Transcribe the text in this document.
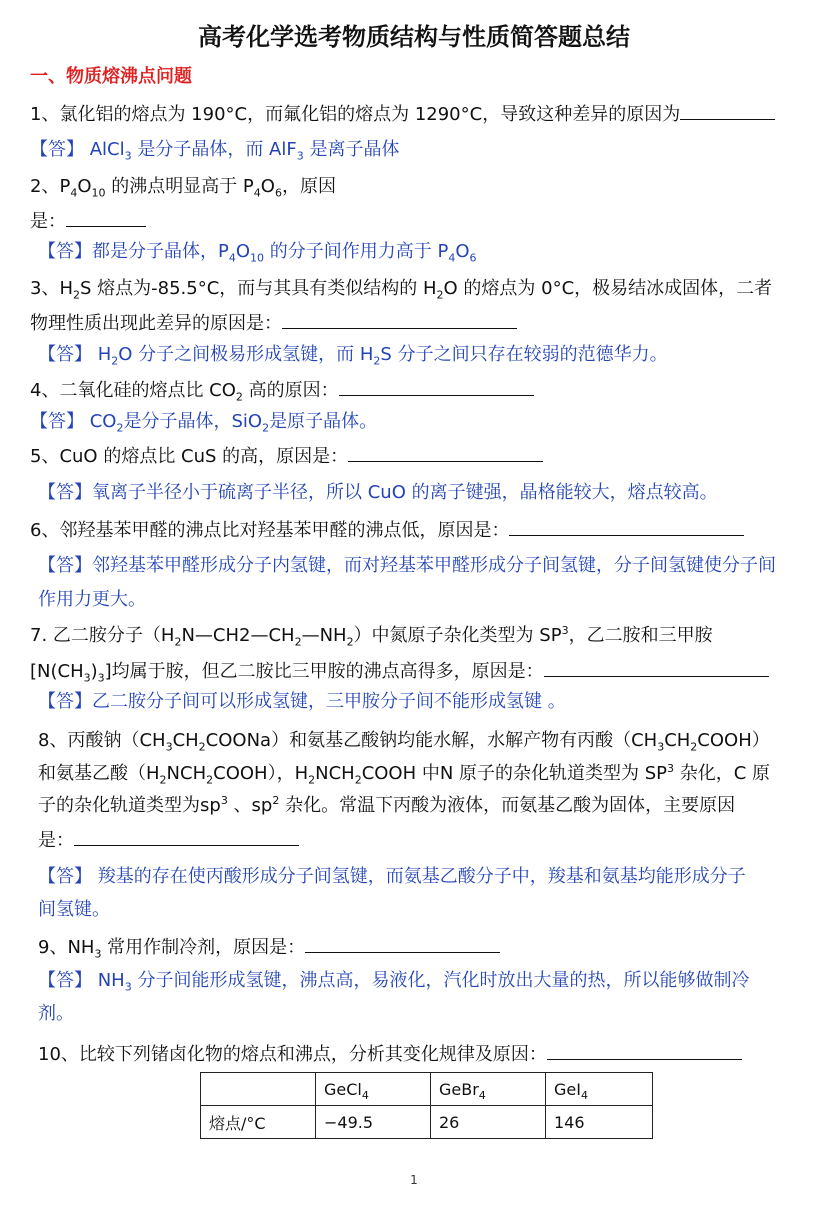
高考化学选考物质结构与性质简答题总结
一、物质熔沸点问题
1、氯化铝的熔点为 190°C，而氟化铝的熔点为 1290°C，导致这种差异的原因为
【答】 AlCl$_3$ 是分子晶体，而 AlF$_3$ 是离子晶体
2、$P_4O_{10}$ 的沸点明显高于 $P_4O_6$，原因
是：
【答】都是分子晶体，$P_4O_{10}$ 的分子间作用力高于 $P_4O_6$
3、$H_2S$ 熔点为-85.5°C，而与其具有类似结构的 $H_2O$ 的熔点为 0°C，极易结冰成固体，二者
物理性质出现此差异的原因是：
【答】 $H_2O$ 分子之间极易形成氢键，而 $H_2S$ 分子之间只存在较弱的范德华力。
4、二氧化硅的熔点比 $CO_2$ 高的原因：
【答】 $CO_2$是分子晶体，SiO$_2$是原子晶体。
5、CuO 的熔点比 CuS 的高，原因是：
【答】氧离子半径小于硫离子半径，所以 CuO 的离子键强，晶格能较大，熔点较高。
6、邻羟基苯甲醛的沸点比对羟基苯甲醛的沸点低，原因是：
【答】邻羟基苯甲醛形成分子内氢键，而对羟基苯甲醛形成分子间氢键，分子间氢键使分子间
作用力更大。
7. 乙二胺分子$(H_2N—CH2—CH_2—NH_2)$中氮原子杂化类型为 $SP^3$，乙二胺和三甲胺
$[N(CH_3)_3]$均属于胺，但乙二胺比三甲胺的沸点高得多，原因是：
【答】乙二胺分子间可以形成氢键，三甲胺分子间不能形成氢键 。
8、丙酸钠$(CH_3CH_2COONa)$和氨基乙酸钠均能水解，水解产物有丙酸$(CH_3CH_2COOH)$
和氨基乙酸$(H_2NCH_2COOH)$，$H_2NCH_2COOH$ 中N 原子的杂化轨道类型为 $SP^3$ 杂化，C 原
子的杂化轨道类型为$sp^3$ 、$sp^2$ 杂化。常温下丙酸为液体，而氨基乙酸为固体，主要原因
是：
【答】 羧基的存在使丙酸形成分子间氢键，而氨基乙酸分子中，羧基和氨基均能形成分子
间氢键。
9、$NH_3$ 常用作制冷剂，原因是：
【答】 $NH_3$ 分子间能形成氢键，沸点高，易液化，汽化时放出大量的热，所以能够做制冷
剂。
10、比较下列锗卤化物的熔点和沸点，分析其变化规律及原因：
	GeCl$_4$	GeBr$_4$	GeI$_4$
熔点/°C	−49.5	26	146
1
